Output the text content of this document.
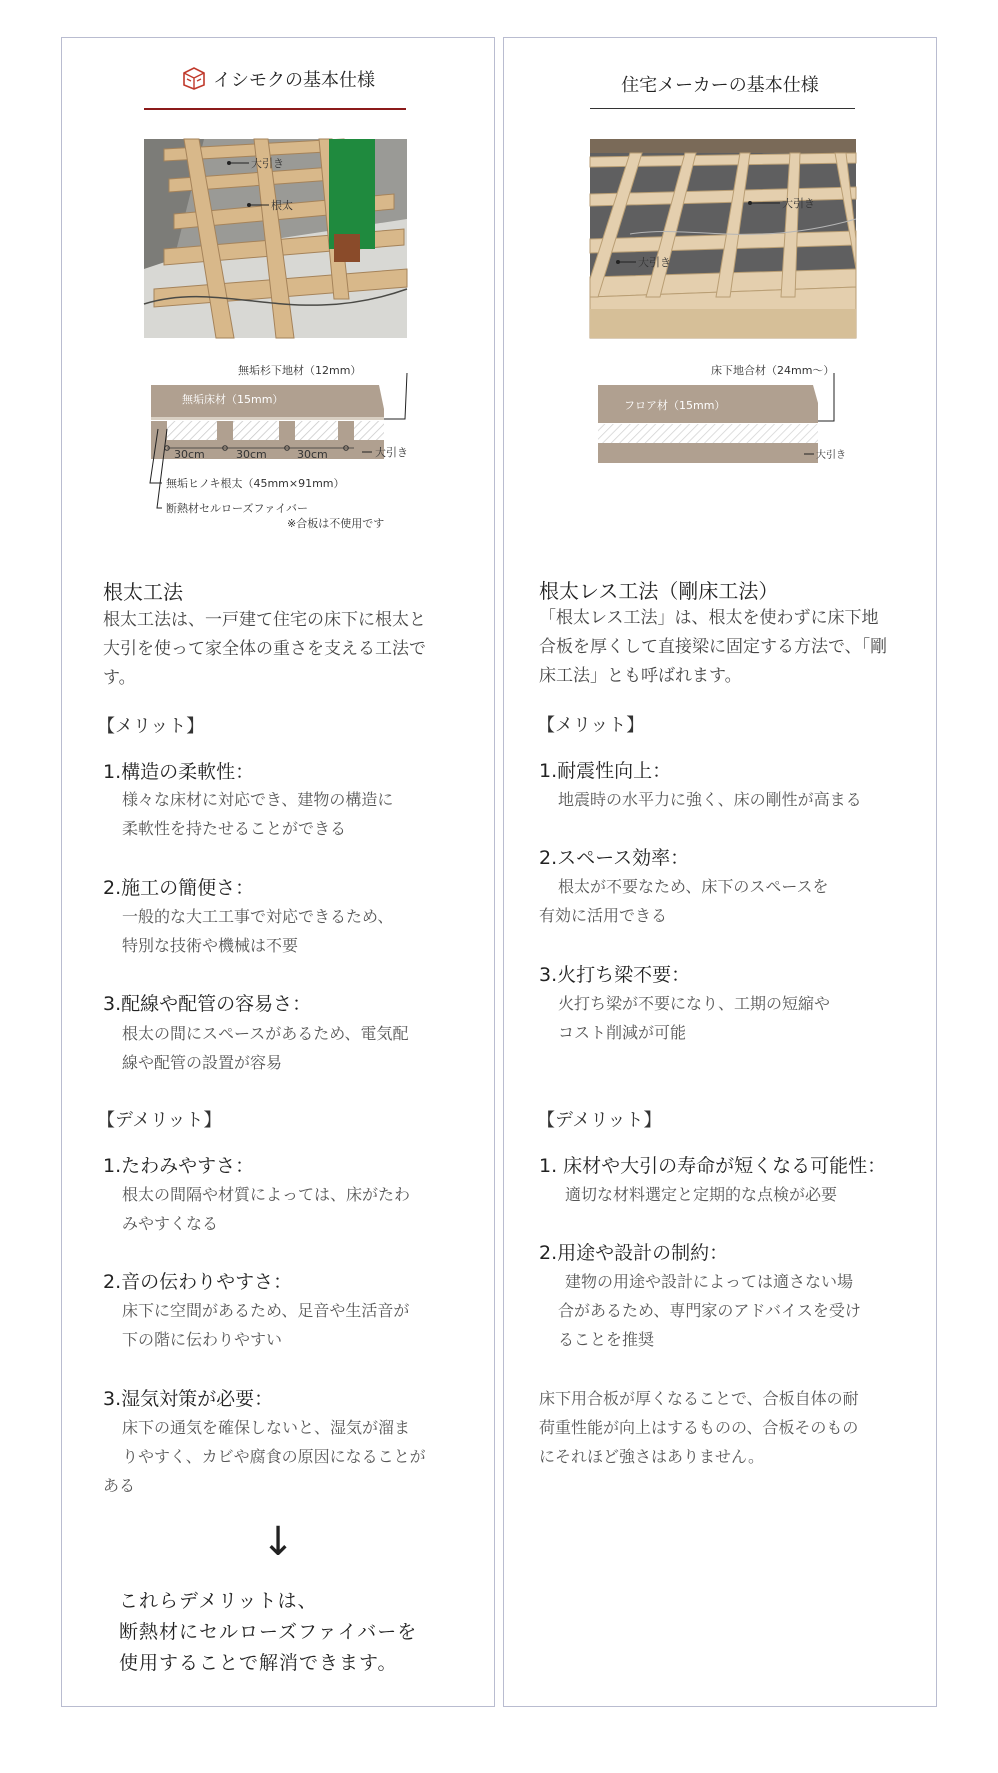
イシモクの基本仕様
大引き
根太
無垢杉下地材（12mm）
無垢床材（15mm）
30cm	30cm	30cm	大引き
無垢ヒノキ根太（45mm×91mm）
断熱材セルローズファイバー
※合板は不使用です
根太工法
根太工法は、一戸建て住宅の床下に根太と
大引を使って家全体の重さを支える工法で
す。
【メリット】
1.構造の柔軟性：
様々な床材に対応でき、建物の構造に
柔軟性を持たせることができる
2.施工の簡便さ：
一般的な大工工事で対応できるため、
特別な技術や機械は不要
3.配線や配管の容易さ：
根太の間にスペースがあるため、電気配
線や配管の設置が容易
【デメリット】
1.たわみやすさ：
根太の間隔や材質によっては、床がたわ
みやすくなる
2.音の伝わりやすさ：
床下に空間があるため、足音や生活音が
下の階に伝わりやすい
3.湿気対策が必要：
床下の通気を確保しないと、湿気が溜ま
りやすく、カビや腐食の原因になることが
ある
↓
これらデメリットは、
断熱材にセルローズファイバーを
使用することで解消できます。
住宅メーカーの基本仕様
大引き
大引き
床下地合材（24mm〜）
フロア材（15mm）
大引き
根太レス工法（剛床工法）
「根太レス工法」は、根太を使わずに床下地
合板を厚くして直接梁に固定する方法で、「剛
床工法」とも呼ばれます。
【メリット】
1.耐震性向上：
地震時の水平力に強く、床の剛性が高まる
2.スペース効率：
根太が不要なため、床下のスペースを
有効に活用できる
3.火打ち梁不要：
火打ち梁が不要になり、工期の短縮や
コスト削減が可能
【デメリット】
1. 床材や大引の寿命が短くなる可能性：
適切な材料選定と定期的な点検が必要
2.用途や設計の制約：
建物の用途や設計によっては適さない場
合があるため、専門家のアドバイスを受け
ることを推奨
床下用合板が厚くなることで、合板自体の耐
荷重性能が向上はするものの、合板そのもの
にそれほど強さはありません。
